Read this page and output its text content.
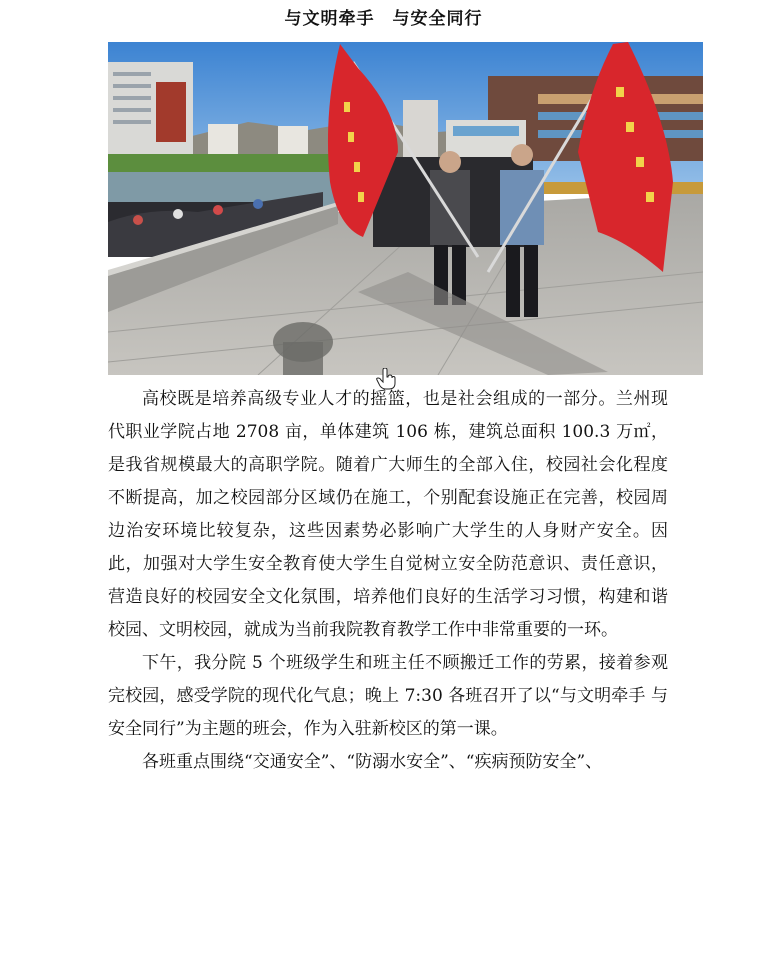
与文明牵手　与安全同行

高校既是培养高级专业人才的摇篮，也是社会组成的一部分。兰州现代职业学院占地 2708 亩，单体建筑 106 栋，建筑总面积 100.3 万㎡，是我省规模最大的高职学院。随着广大师生的全部入住，校园社会化程度不断提高，加之校园部分区域仍在施工，个别配套设施正在完善，校园周边治安环境比较复杂，这些因素势必影响广大学生的人身财产安全。因此，加强对大学生安全教育使大学生自觉树立安全防范意识、责任意识，营造良好的校园安全文化氛围，培养他们良好的生活学习习惯，构建和谐校园、文明校园，就成为当前我院教育教学工作中非常重要的一环。

下午，我分院 5 个班级学生和班主任不顾搬迁工作的劳累，接着参观完校园，感受学院的现代化气息；晚上 7:30 各班召开了以“与文明牵手 与安全同行”为主题的班会，作为入驻新校区的第一课。

各班重点围绕“交通安全”、“防溺水安全”、“疾病预防安全”、
